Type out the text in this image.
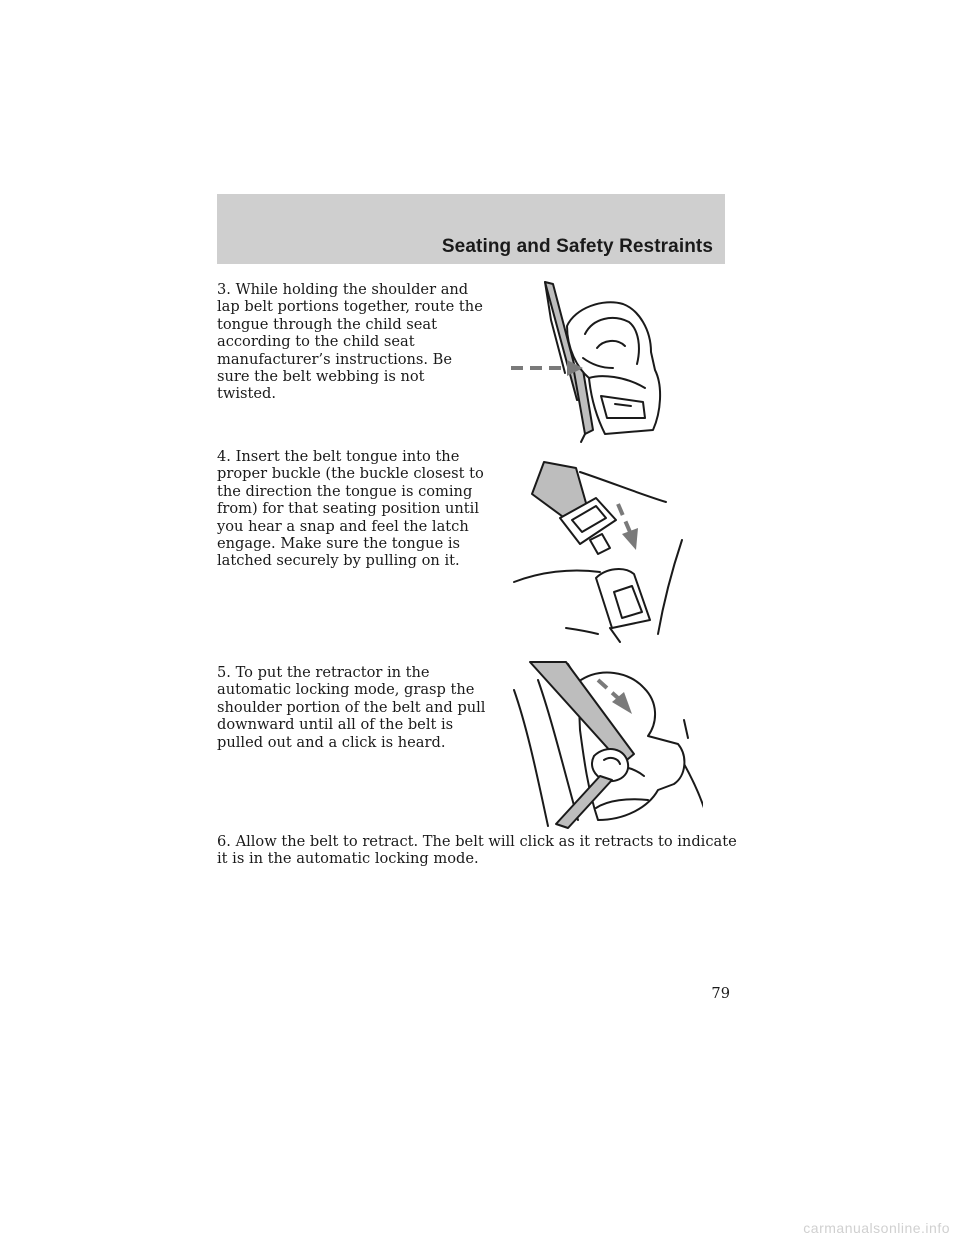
Seating and Safety Restraints
3. While holding the shoulder and lap belt portions together, route the tongue through the child seat according to the child seat manufacturer’s instructions. Be sure the belt webbing is not twisted.
4. Insert the belt tongue into the proper buckle (the buckle closest to the direction the tongue is coming from) for that seating position until you hear a snap and feel the latch engage. Make sure the tongue is latched securely by pulling on it.
5. To put the retractor in the automatic locking mode, grasp the shoulder portion of the belt and pull downward until all of the belt is pulled out and a click is heard.
6. Allow the belt to retract. The belt will click as it retracts to indicate it is in the automatic locking mode.
79
carmanualsonline.info
